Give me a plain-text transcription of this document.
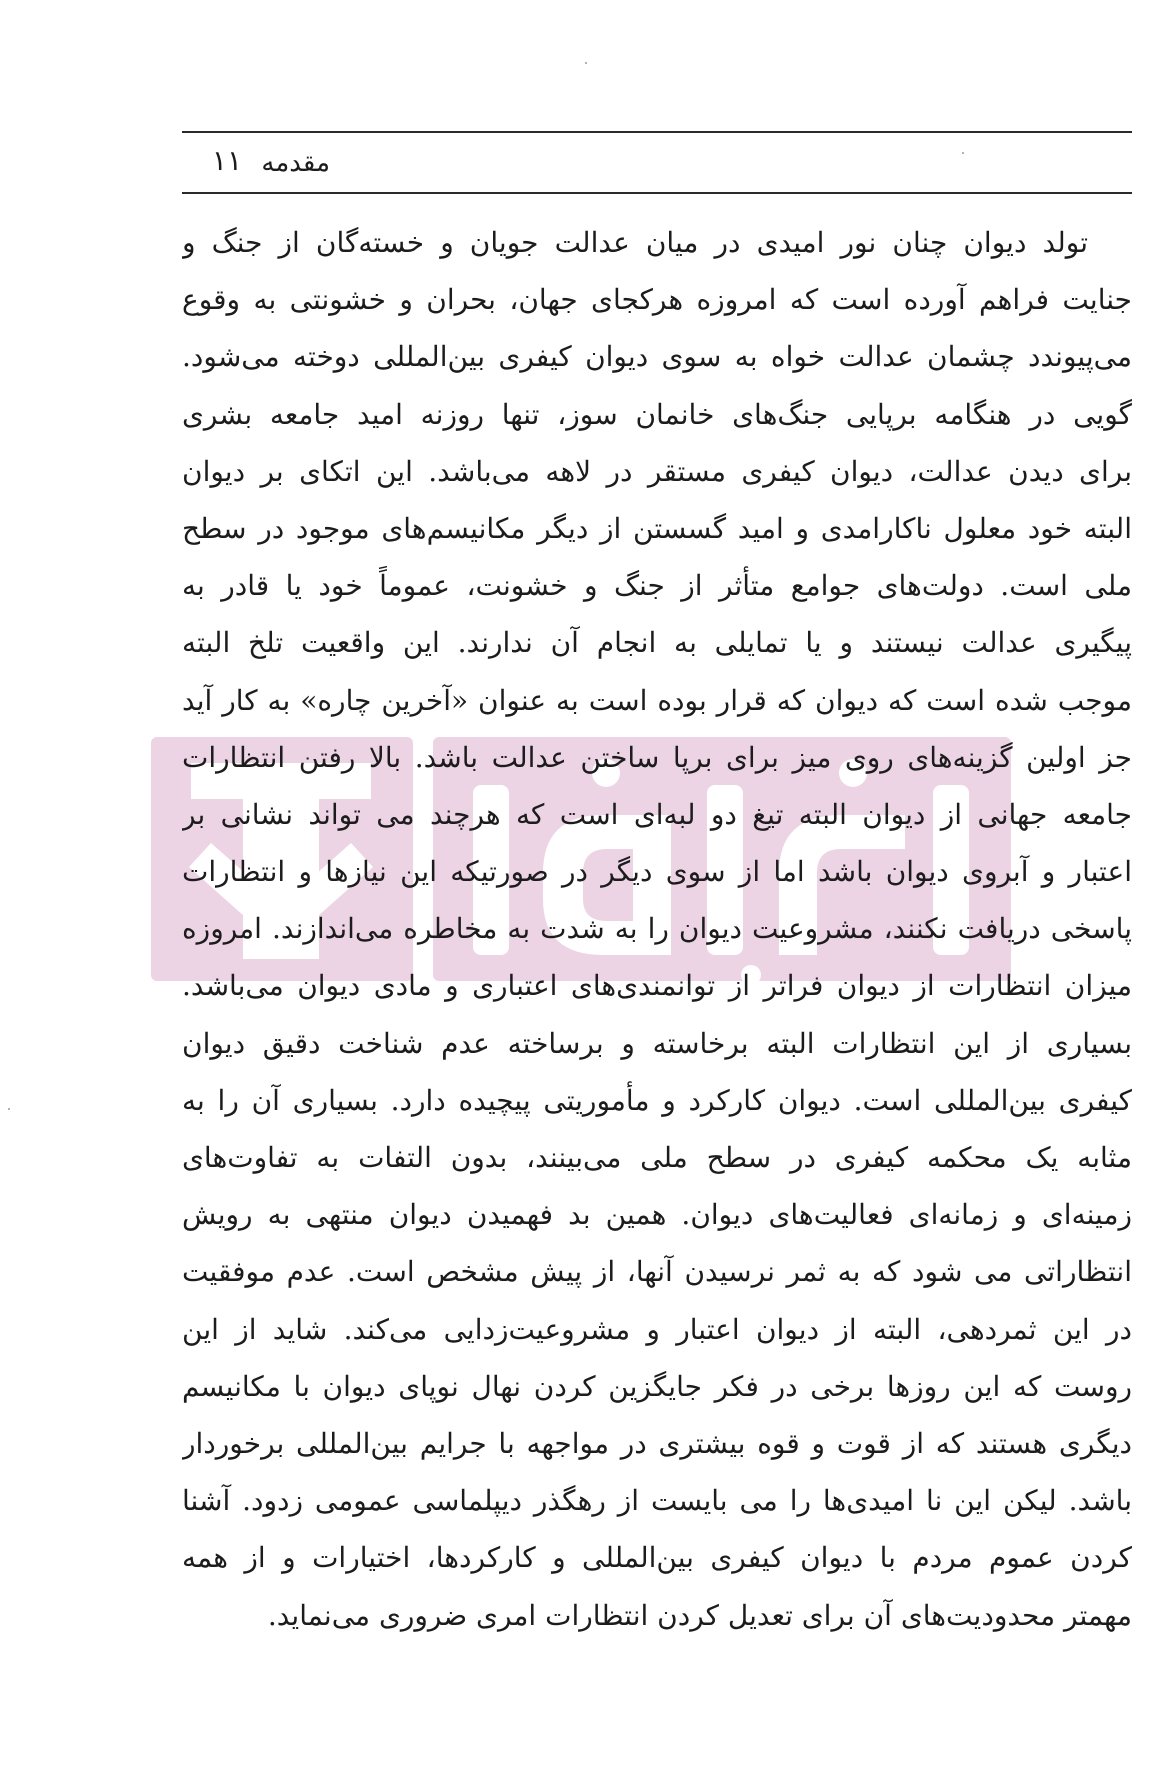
مقدمه
۱۱
تولد دیوان چنان نور امیدی در میان عدالت جویان و خسته‌گان از جنگ و
جنایت فراهم آورده است که امروزه هرکجای جهان، بحران و خشونتی به وقوع
می‌پیوندد چشمان عدالت خواه به سوی دیوان کیفری بین‌المللی دوخته می‌شود.
گویی در هنگامه برپایی جنگ‌های خانمان سوز، تنها روزنه امید جامعه بشری
برای دیدن عدالت، دیوان کیفری مستقر در لاهه می‌باشد. این اتکای بر دیوان
البته خود معلول ناکارامدی و امید گسستن از دیگر مکانیسم‌های موجود در سطح
ملی است. دولت‌های جوامع متأثر از جنگ و خشونت، عموماً خود یا قادر به
پیگیری عدالت نیستند و یا تمایلی به انجام آن ندارند. این واقعیت تلخ البته
موجب شده است که دیوان که قرار بوده است به عنوان «آخرین چاره» به کار آید
جز اولین گزینه‌های روی میز برای برپا ساختن عدالت باشد. بالا رفتن انتظارات
جامعه جهانی از دیوان البته تیغ دو لبه‌ای است که هرچند می تواند نشانی بر
اعتبار و آبروی دیوان باشد اما از سوی دیگر در صورتیکه این نیازها و انتظارات
پاسخی دریافت نکنند، مشروعیت دیوان را به شدت به مخاطره می‌اندازند. امروزه
میزان انتظارات از دیوان فراتر از توانمندی‌های اعتباری و مادی دیوان می‌باشد.
بسیاری از این انتظارات البته برخاسته و برساخته عدم شناخت دقیق دیوان
کیفری بین‌المللی است. دیوان کارکرد و مأموریتی پیچیده دارد. بسیاری آن را به
مثابه یک محکمه کیفری در سطح ملی می‌بینند، بدون التفات به تفاوت‌های
زمینه‌ای و زمانه‌ای فعالیت‌های دیوان. همین بد فهمیدن دیوان منتهی به رویش
انتظاراتی می شود که به ثمر نرسیدن آنها، از پیش مشخص است. عدم موفقیت
در این ثمردهی، البته از دیوان اعتبار و مشروعیت‌زدایی می‌کند. شاید از این
روست که این روزها برخی در فکر جایگزین کردن نهال نوپای دیوان با مکانیسم
دیگری هستند که از قوت و قوه بیشتری در مواجهه با جرایم بین‌المللی برخوردار
باشد. لیکن این نا امیدی‌ها را می بایست از رهگذر دیپلماسی عمومی زدود. آشنا
کردن عموم مردم با دیوان کیفری بین‌المللی و کارکردها، اختیارات و از همه
مهمتر محدودیت‌های آن برای تعدیل کردن انتظارات امری ضروری می‌نماید.
